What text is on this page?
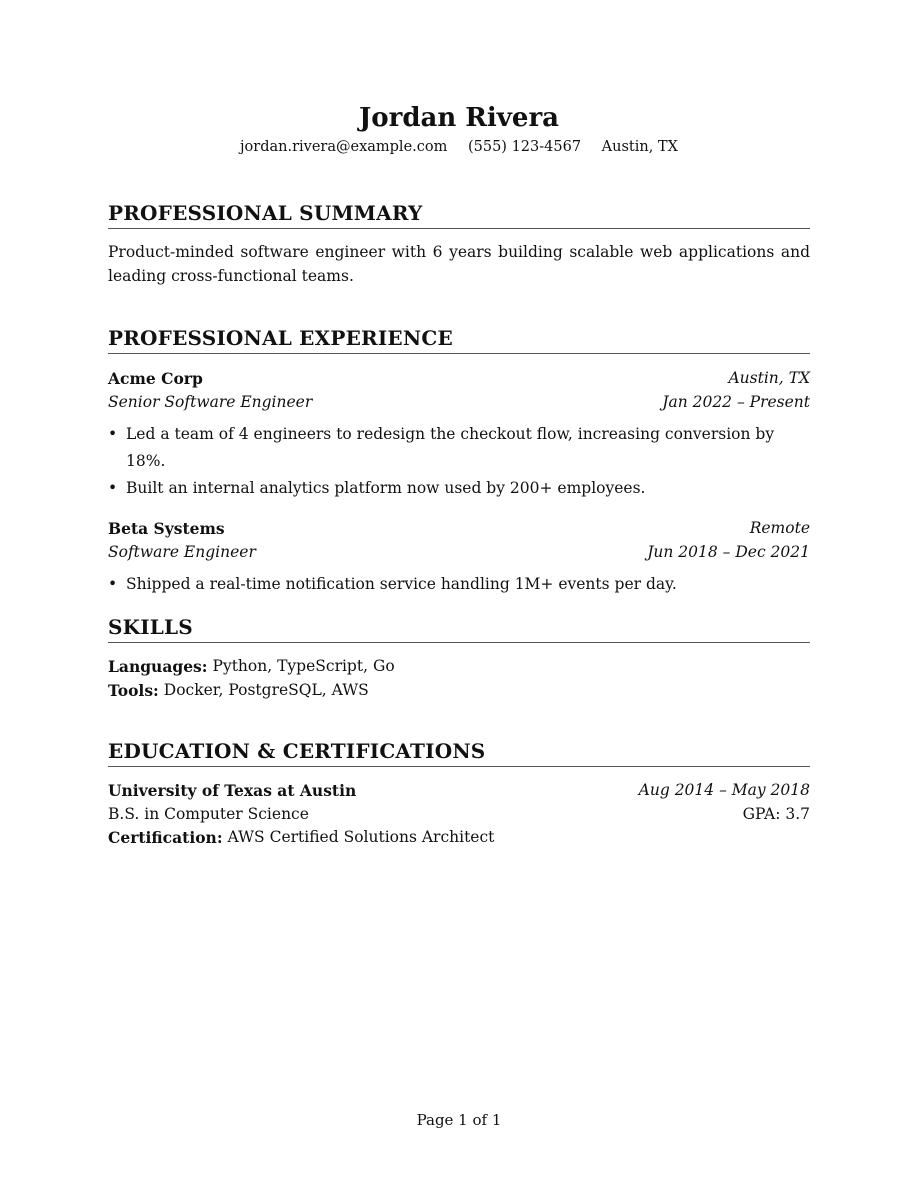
Jordan Rivera
jordan.rivera@example.com (555) 123-4567 Austin, TX
PROFESSIONAL SUMMARY
Product-minded software engineer with 6 years building scalable web applications and leading cross-functional teams.
PROFESSIONAL EXPERIENCE
Acme Corp	Austin, TX
Senior Software Engineer	Jan 2022 – Present
• Led a team of 4 engineers to redesign the checkout flow, increasing conversion by 18%.
• Built an internal analytics platform now used by 200+ employees.
Beta Systems	Remote
Software Engineer	Jun 2018 – Dec 2021
• Shipped a real-time notification service handling 1M+ events per day.
SKILLS
Languages: Python, TypeScript, Go
Tools: Docker, PostgreSQL, AWS
EDUCATION & CERTIFICATIONS
University of Texas at Austin	Aug 2014 – May 2018
B.S. in Computer Science	GPA: 3.7
Certification: AWS Certified Solutions Architect
Page 1 of 1
